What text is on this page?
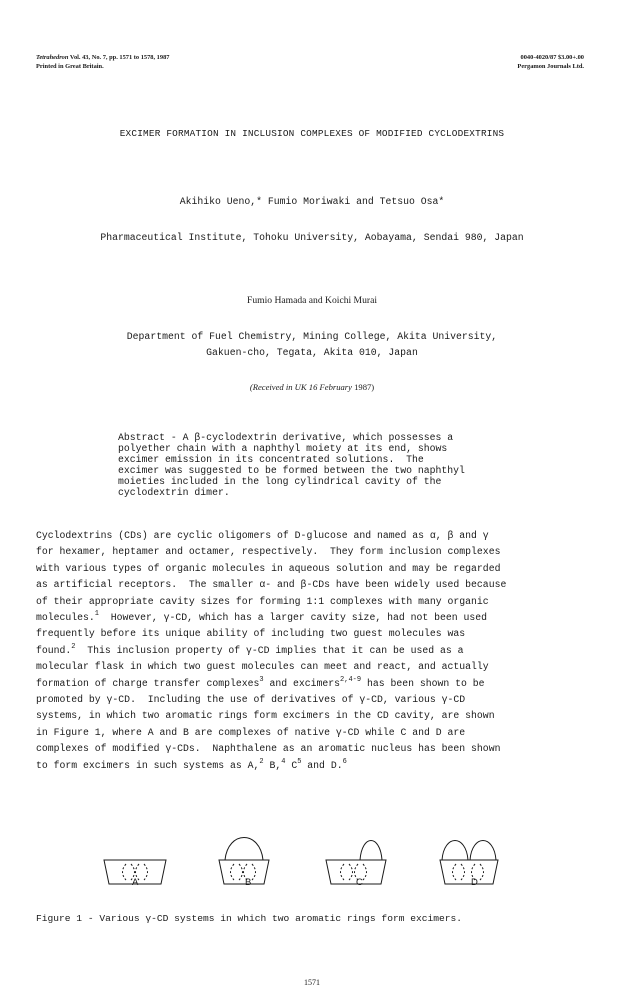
Tetrahedron Vol. 43, No. 7, pp. 1571 to 1578, 1987
Printed in Great Britain.
0040-4020/87 $3.00+.00
Pergamon Journals Ltd.
EXCIMER FORMATION IN INCLUSION COMPLEXES OF MODIFIED CYCLODEXTRINS
Akihiko Ueno,* Fumio Moriwaki and Tetsuo Osa*
Pharmaceutical Institute, Tohoku University, Aobayama, Sendai 980, Japan
Fumio Hamada and Koichi Murai
Department of Fuel Chemistry, Mining College, Akita University,
Gakuen-cho, Tegata, Akita 010, Japan
(Received in UK 16 February 1987)
Abstract - A β-cyclodextrin derivative, which possesses a
polyether chain with a naphthyl moiety at its end, shows
excimer emission in its concentrated solutions.  The
excimer was suggested to be formed between the two naphthyl
moieties included in the long cylindrical cavity of the
cyclodextrin dimer.
Cyclodextrins (CDs) are cyclic oligomers of D-glucose and named as α, β and γ
for hexamer, heptamer and octamer, respectively.  They form inclusion complexes
with various types of organic molecules in aqueous solution and may be regarded
as artificial receptors.  The smaller α- and β-CDs have been widely used because
of their appropriate cavity sizes for forming 1:1 complexes with many organic
molecules.$^1$  However, γ-CD, which has a larger cavity size, had not been used
frequently before its unique ability of including two guest molecules was
found.$^2$  This inclusion property of γ-CD implies that it can be used as a
molecular flask in which two guest molecules can meet and react, and actually
formation of charge transfer complexes$^3$ and excimers$^{2,4-9}$ has been shown to be
promoted by γ-CD.  Including the use of derivatives of γ-CD, various γ-CD
systems, in which two aromatic rings form excimers in the CD cavity, are shown
in Figure 1, where A and B are complexes of native γ-CD while C and D are
complexes of modified γ-CDs.  Naphthalene as an aromatic nucleus has been shown
to form excimers in such systems as A,$^2$ B,$^4$ $C^5$ and D.$^6$
A	B	C	D
Figure 1 - Various γ-CD systems in which two aromatic rings form excimers.
1571
